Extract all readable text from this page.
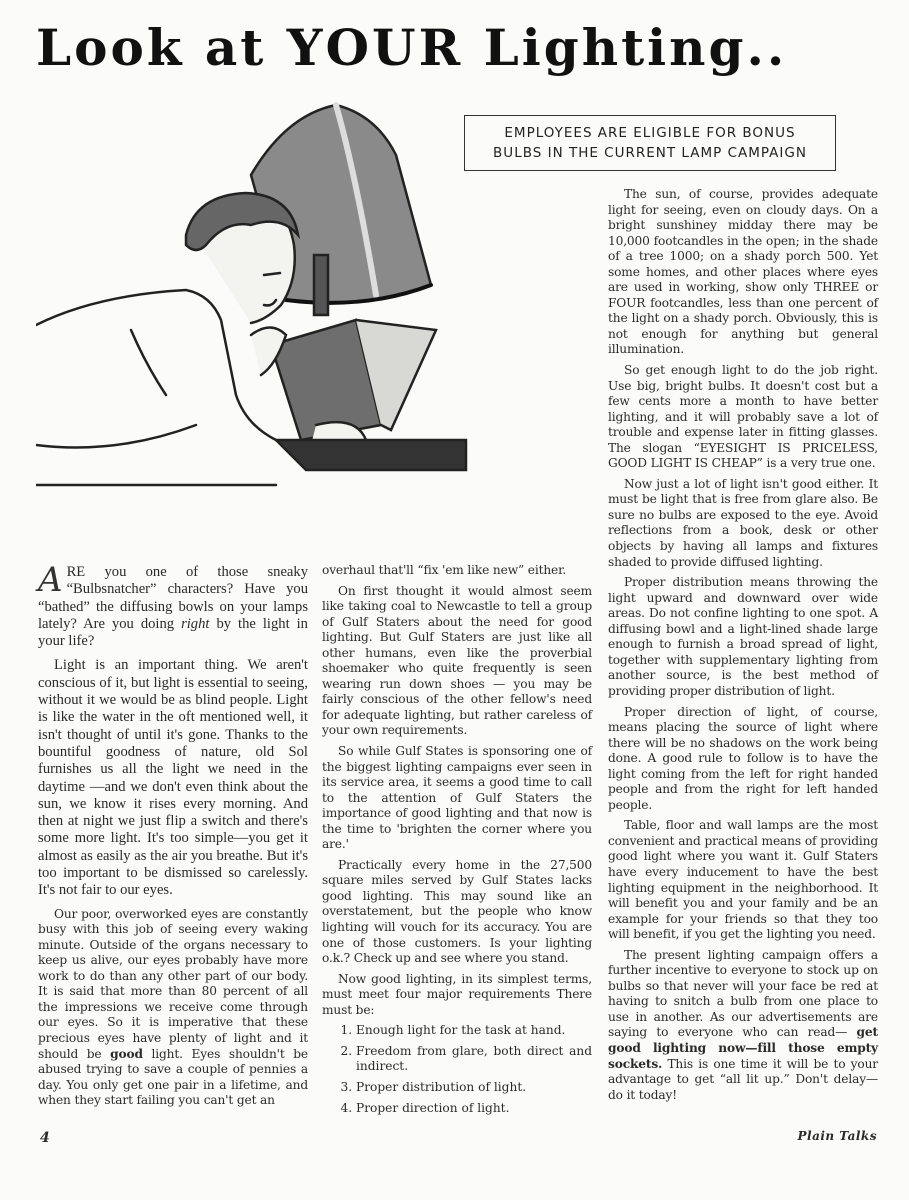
Look at YOUR Lighting..
EMPLOYEES ARE ELIGIBLE FOR BONUS
BULBS IN THE CURRENT LAMP CAMPAIGN

ARE you one of those sneaky “Bulbsnatcher” characters? Have you “bathed” the diffusing bowls on your lamps lately? Are you doing right by the light in your life?

Light is an important thing. We aren't conscious of it, but light is essential to seeing, without it we would be as blind people. Light is like the water in the oft mentioned well, it isn't thought of until it's gone. Thanks to the bountiful goodness of nature, old Sol furnishes us all the light we need in the daytime —and we don't even think about the sun, we know it rises every morning. And then at night we just flip a switch and there's some more light. It's too simple—you get it almost as easily as the air you breathe. But it's too important to be dismissed so carelessly. It's not fair to our eyes.

Our poor, overworked eyes are constantly busy with this job of seeing every waking minute. Outside of the organs necessary to keep us alive, our eyes probably have more work to do than any other part of our body. It is said that more than 80 percent of all the impressions we receive come through our eyes. So it is imperative that these precious eyes have plenty of light and it should be good light. Eyes shouldn't be abused trying to save a couple of pennies a day. You only get one pair in a lifetime, and when they start failing you can't get an

overhaul that'll “fix 'em like new” either.

On first thought it would almost seem like taking coal to Newcastle to tell a group of Gulf Staters about the need for good lighting. But Gulf Staters are just like all other humans, even like the proverbial shoemaker who quite frequently is seen wearing run down shoes — you may be fairly conscious of the other fellow's need for adequate lighting, but rather careless of your own requirements.

So while Gulf States is sponsoring one of the biggest lighting campaigns ever seen in its service area, it seems a good time to call to the attention of Gulf Staters the importance of good lighting and that now is the time to 'brighten the corner where you are.'

Practically every home in the 27,500 square miles served by Gulf States lacks good lighting. This may sound like an overstatement, but the people who know lighting will vouch for its accuracy. You are one of those customers. Is your lighting o.k.? Check up and see where you stand.

Now good lighting, in its simplest terms, must meet four major requirements There must be:

1. Enough light for the task at hand.
2. Freedom from glare, both direct and indirect.
3. Proper distribution of light.
4. Proper direction of light.

The sun, of course, provides adequate light for seeing, even on cloudy days. On a bright sunshiney midday there may be 10,000 footcandles in the open; in the shade of a tree 1000; on a shady porch 500. Yet some homes, and other places where eyes are used in working, show only THREE or FOUR footcandles, less than one percent of the light on a shady porch. Obviously, this is not enough for anything but general illumination.

So get enough light to do the job right. Use big, bright bulbs. It doesn't cost but a few cents more a month to have better lighting, and it will probably save a lot of trouble and expense later in fitting glasses. The slogan “EYESIGHT IS PRICELESS, GOOD LIGHT IS CHEAP” is a very true one.

Now just a lot of light isn't good either. It must be light that is free from glare also. Be sure no bulbs are exposed to the eye. Avoid reflections from a book, desk or other objects by having all lamps and fixtures shaded to provide diffused lighting.

Proper distribution means throwing the light upward and downward over wide areas. Do not confine lighting to one spot. A diffusing bowl and a light-lined shade large enough to furnish a broad spread of light, together with supplementary lighting from another source, is the best method of providing proper distribution of light.

Proper direction of light, of course, means placing the source of light where there will be no shadows on the work being done. A good rule to follow is to have the light coming from the left for right handed people and from the right for left handed people.

Table, floor and wall lamps are the most convenient and practical means of providing good light where you want it. Gulf Staters have every inducement to have the best lighting equipment in the neighborhood. It will benefit you and your family and be an example for your friends so that they too will benefit, if you get the lighting you need.

The present lighting campaign offers a further incentive to everyone to stock up on bulbs so that never will your face be red at having to snitch a bulb from one place to use in another. As our advertisements are saying to everyone who can read— get good lighting now—fill those empty sockets. This is one time it will be to your advantage to get “all lit up.” Don't delay—do it today!

4	Plain Talks
